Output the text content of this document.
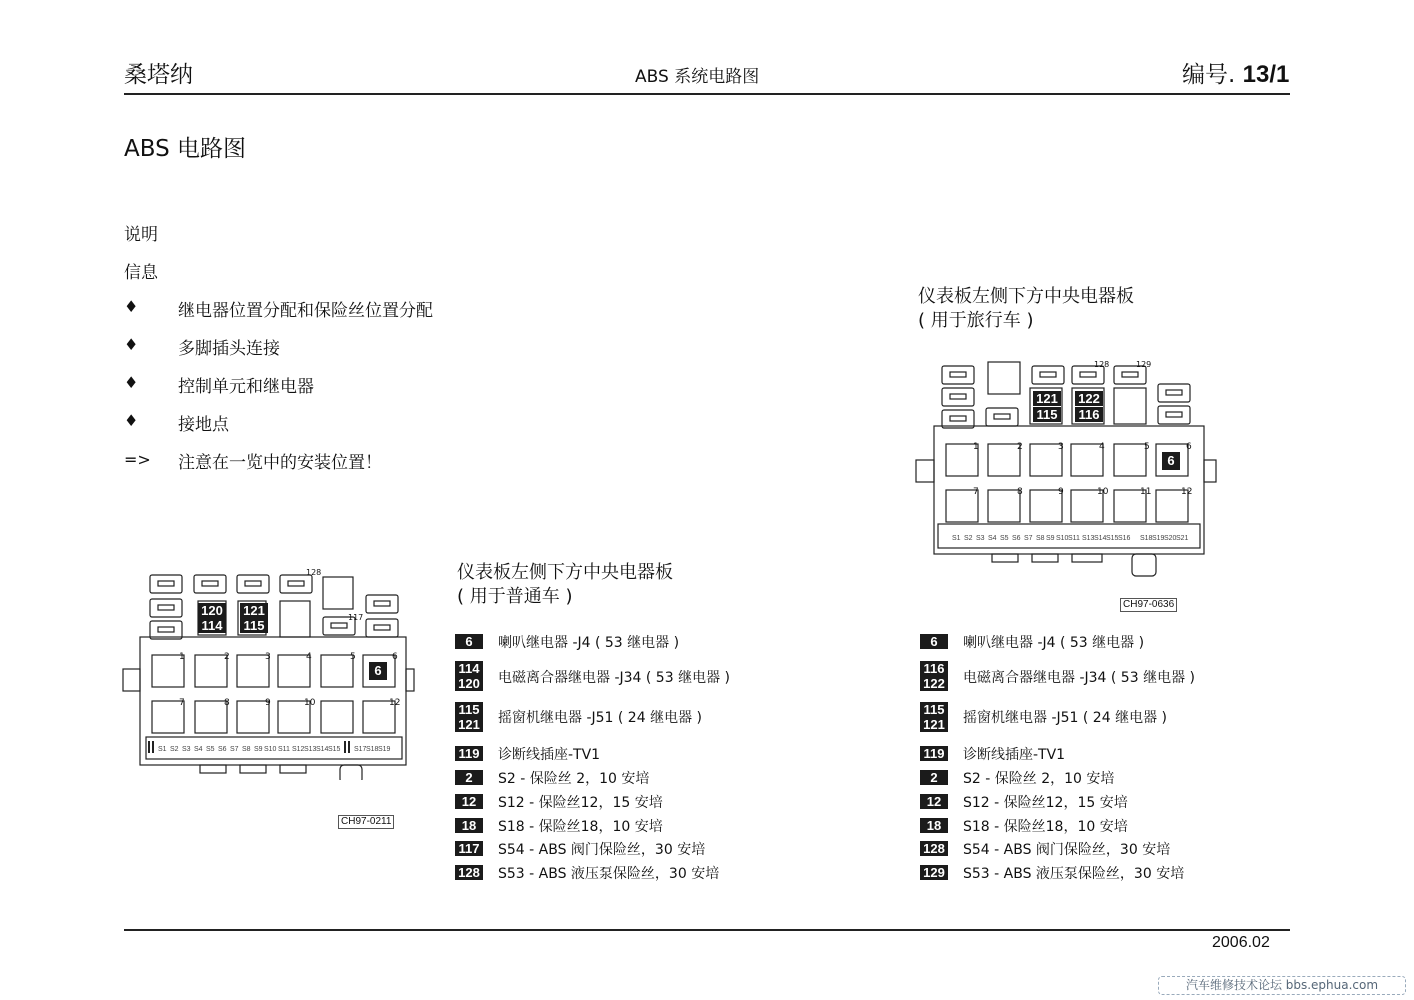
桑塔纳	ABS 系统电路图	编号. 13/1
ABS 电路图
说明
信息
♦ 继电器位置分配和保险丝位置分配
♦ 多脚插头连接
♦ 控制单元和继电器
♦ 接地点
=> 注意在一览中的安装位置！
S1 S2 S3 S4 S5 S6 S7 S8 S9 S10 S11 S12 S13 S14 S15 S17 S18 S19
120
114
121
115
128
117
1	2	3	4	5	6
7	8	9	10	12
6
CH97-0211
仪表板左侧下方中央电器板
( 用于普通车 )
6	喇叭继电器 -J4 ( 53 继电器 )
114
120 电磁离合器继电器 -J34 ( 53 继电器 )
115
121 摇窗机继电器 -J51 ( 24 继电器 )
119 诊断线插座-TV1
2	S2 - 保险丝 2，10 安培
12	S12 - 保险丝12，15 安培
18	S18 - 保险丝18，10 安培
117 S54 - ABS 阀门保险丝，30 安培
128 S53 - ABS 液压泵保险丝，30 安培
仪表板左侧下方中央电器板
( 用于旅行车 )
S1 S2 S3 S4 S5 S6 S7 S8 S9 S10 S11 S13 S14 S15 S16 S18 S19 S20 S21
128	129
121
115
122
116
1	2	3	4	5	6
7	8	9	10	11	12
6
CH97-0636
6	喇叭继电器 -J4 ( 53 继电器 )
116
122 电磁离合器继电器 -J34 ( 53 继电器 )
115
121 摇窗机继电器 -J51 ( 24 继电器 )
119 诊断线插座-TV1
2	S2 - 保险丝 2，10 安培
12	S12 - 保险丝12，15 安培
18	S18 - 保险丝18，10 安培
128 S54 - ABS 阀门保险丝，30 安培
129 S53 - ABS 液压泵保险丝，30 安培
2006.02
汽车维修技术论坛 bbs.ephua.com
